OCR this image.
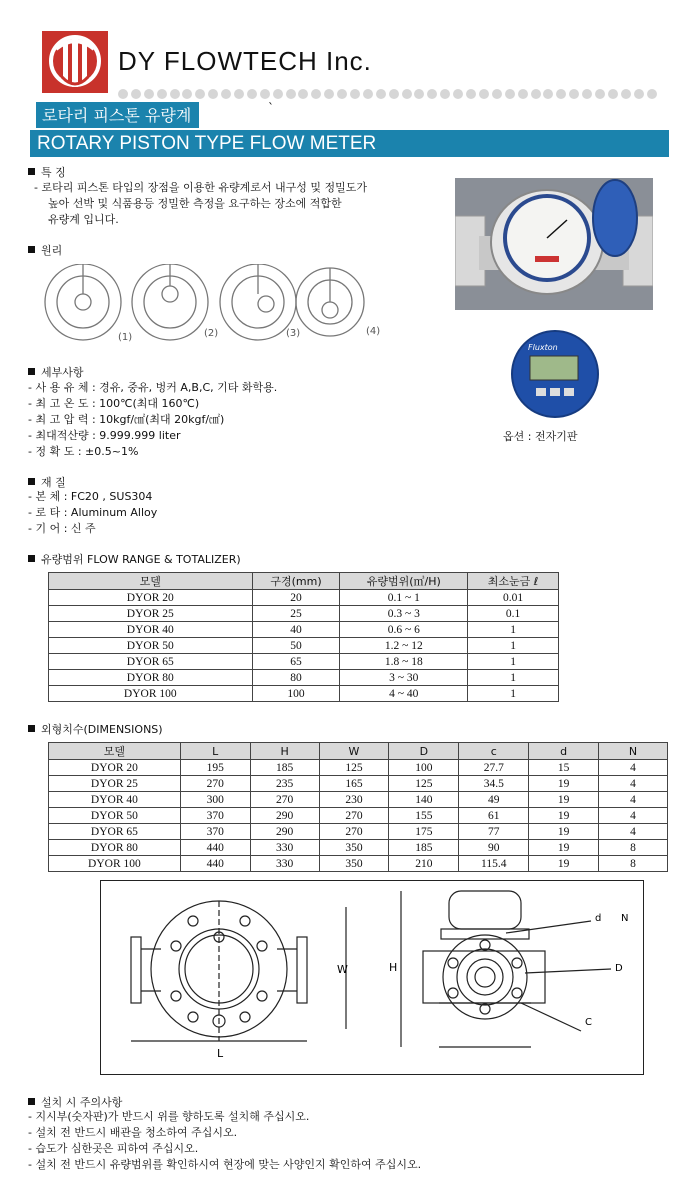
DY FLOWTECH Inc.
로타리 피스톤 유량계	`
ROTARY PISTON TYPE FLOW METER
특 징
- 로타리 피스톤 타입의 장점을 이용한 유량계로서 내구성 및 정밀도가
높아 선박 및 식품용등 정밀한 측정을 요구하는 장소에 적합한
유량계 입니다.
원리
(1)	(2)	(3)	(4)
Fluxton
옵션 : 전자기판
세부사항
- 사 용 유 체 : 경유, 중유, 벙커 A,B,C, 기타 화학용.
- 최 고 온 도 : 100℃(최대 160℃)
- 최 고 압 력 : 10kgf/㎠(최대 20kgf/㎠)
- 최대적산량 : 9.999.999 liter
- 정 확 도 : ±0.5~1%
재 질
- 본 체 : FC20 , SUS304
- 로 타 : Aluminum Alloy
- 기 어 : 신 주
유량범위 FLOW RANGE & TOTALIZER)
모델	구경(mm)	유량범위(㎥/H)	최소눈금 ℓ
DYOR 20	20	0.1 ~ 1	0.01
DYOR 25	25	0.3 ~ 3	0.1
DYOR 40	40	0.6 ~ 6	1
DYOR 50	50	1.2 ~ 12	1
DYOR 65	65	1.8 ~ 18	1
DYOR 80	80	3 ~ 30	1
DYOR 100	100	4 ~ 40	1
외형치수(DIMENSIONS)
모델	L	H	W	D	c	d	N
DYOR 20	195	185	125	100	27.7	15	4
DYOR 25	270	235	165	125	34.5	19	4
DYOR 40	300	270	230	140	49	19	4
DYOR 50	370	290	270	155	61	19	4
DYOR 65	370	290	270	175	77	19	4
DYOR 80	440	330	350	185	90	19	8
DYOR 100	440	330	350	210	115.4	19	8
L
W	H
d N
D
C
설치 시 주의사항
- 지시부(숫자판)가 반드시 위를 향하도록 설치해 주십시오.
- 설치 전 반드시 배관을 청소하여 주십시오.
- 습도가 심한곳은 피하여 주십시오.
- 설치 전 반드시 유량범위를 확인하시여 현장에 맞는 사양인지 확인하여 주십시오.
